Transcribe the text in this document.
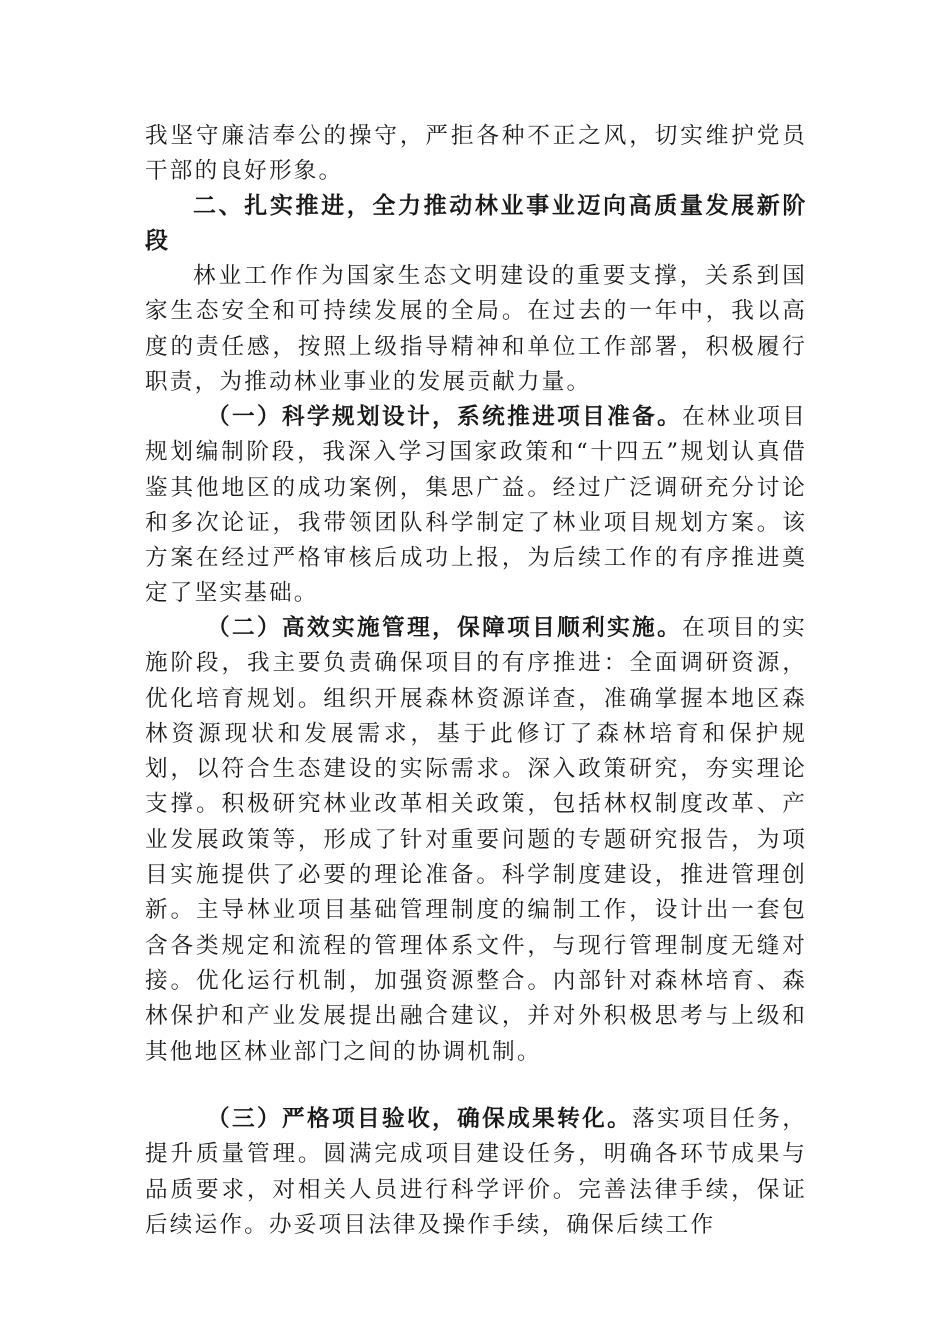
我坚守廉洁奉公的操守，严拒各种不正之风，切实维护党员干部的良好形象。

二、扎实推进，全力推动林业事业迈向高质量发展新阶段

林业工作作为国家生态文明建设的重要支撑，关系到国家生态安全和可持续发展的全局。在过去的一年中，我以高度的责任感，按照上级指导精神和单位工作部署，积极履行职责，为推动林业事业的发展贡献力量。

（一）科学规划设计，系统推进项目准备。在林业项目规划编制阶段，我深入学习国家政策和“十四五”规划认真借鉴其他地区的成功案例，集思广益。经过广泛调研充分讨论和多次论证，我带领团队科学制定了林业项目规划方案。该方案在经过严格审核后成功上报，为后续工作的有序推进奠定了坚实基础。

（二）高效实施管理，保障项目顺利实施。在项目的实施阶段，我主要负责确保项目的有序推进：全面调研资源，优化培育规划。组织开展森林资源详查，准确掌握本地区森林资源现状和发展需求，基于此修订了森林培育和保护规划，以符合生态建设的实际需求。深入政策研究，夯实理论支撑。积极研究林业改革相关政策，包括林权制度改革、产业发展政策等，形成了针对重要问题的专题研究报告，为项目实施提供了必要的理论准备。科学制度建设，推进管理创新。主导林业项目基础管理制度的编制工作，设计出一套包含各类规定和流程的管理体系文件，与现行管理制度无缝对接。优化运行机制，加强资源整合。内部针对森林培育、森林保护和产业发展提出融合建议，并对外积极思考与上级和其他地区林业部门之间的协调机制。

（三）严格项目验收，确保成果转化。落实项目任务，提升质量管理。圆满完成项目建设任务，明确各环节成果与品质要求，对相关人员进行科学评价。完善法律手续，保证后续运作。办妥项目法律及操作手续，确保后续工作
